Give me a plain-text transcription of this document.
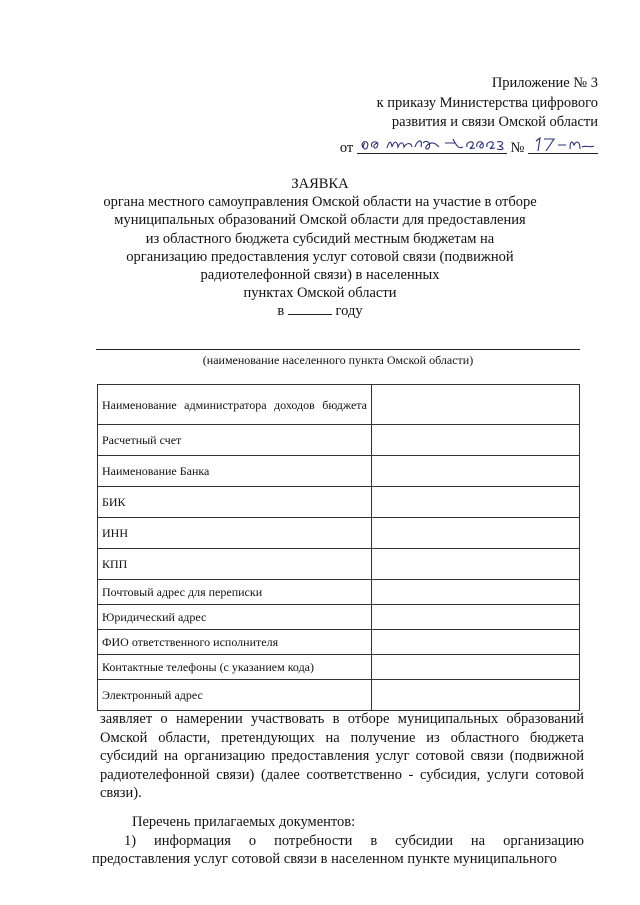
Приложение № 3
к приказу Министерства цифрового
развития и связи Омской области
от	№
ЗАЯВКА
органа местного самоуправления Омской области на участие в отборе
муниципальных образований Омской области для предоставления
из областного бюджета субсидий местным бюджетам на
организацию предоставления услуг сотовой связи (подвижной
радиотелефонной связи) в населенных
пунктах Омской области
в	году
(наименование населенного пункта Омской области)
Наименование администратора доходов бюджета	

Расчетный счет	
Наименование Банка	
БИК	
ИНН	
КПП	
Почтовый адрес для переписки	
Юридический адрес	
ФИО ответственного исполнителя	
Контактные телефоны (с указанием кода)	
Электронный адрес	

заявляет о намерении участвовать в отборе муниципальных образований Омской области, претендующих на получение из областного бюджета субсидий на организацию предоставления услуг сотовой связи (подвижной радиотелефонной связи) (далее соответственно - субсидия, услуги сотовой связи).

Перечень прилагаемых документов:

1) информация о потребности в субсидии на организацию предоставления услуг сотовой связи в населенном пункте муниципального
